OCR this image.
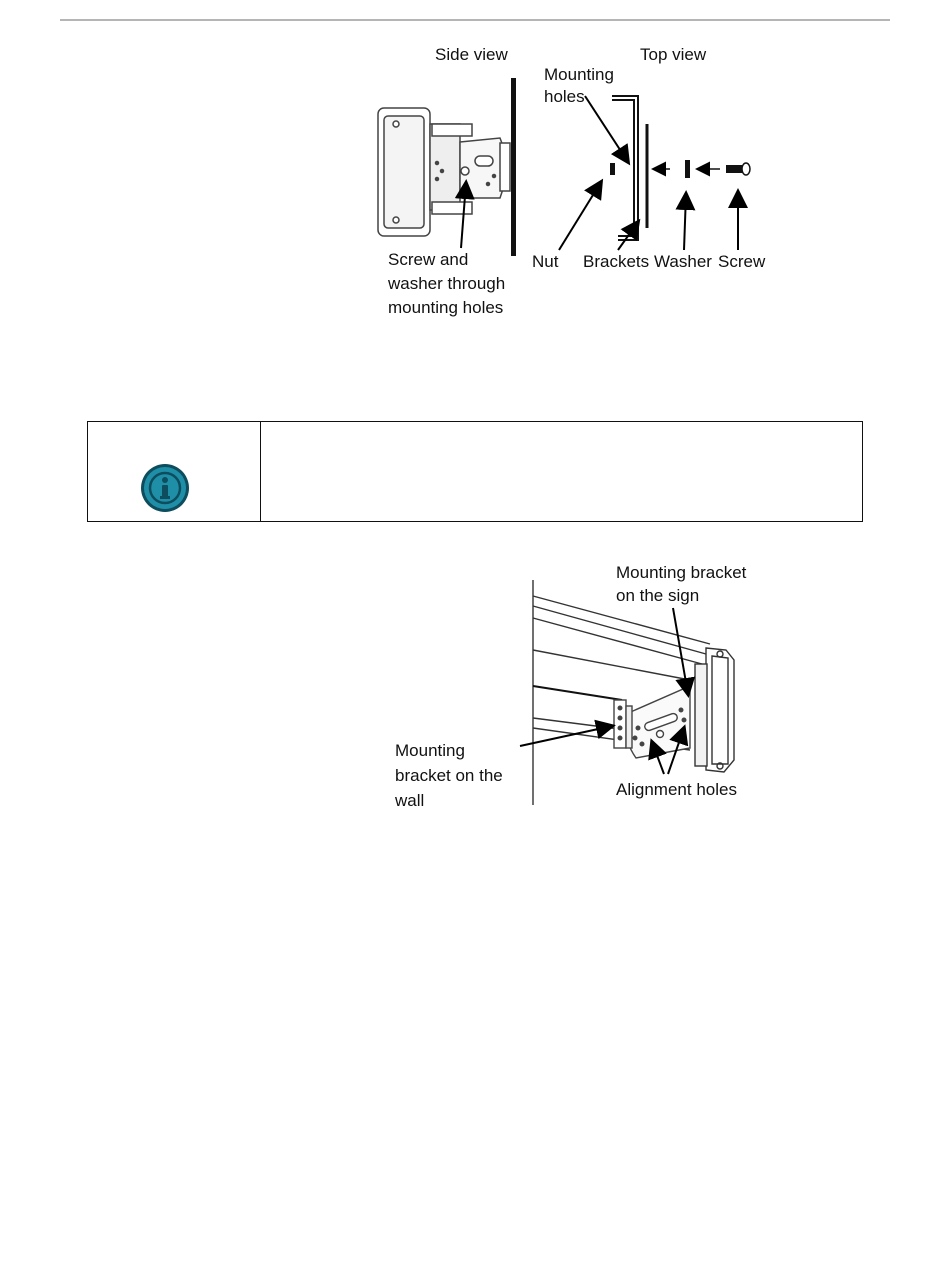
Side view	Top view
Mounting
holes
Screw and
washer through
mounting holes
Nut Brackets Washer Screw
Mounting bracket
on the sign
Mounting
bracket on the
wall
Alignment holes
